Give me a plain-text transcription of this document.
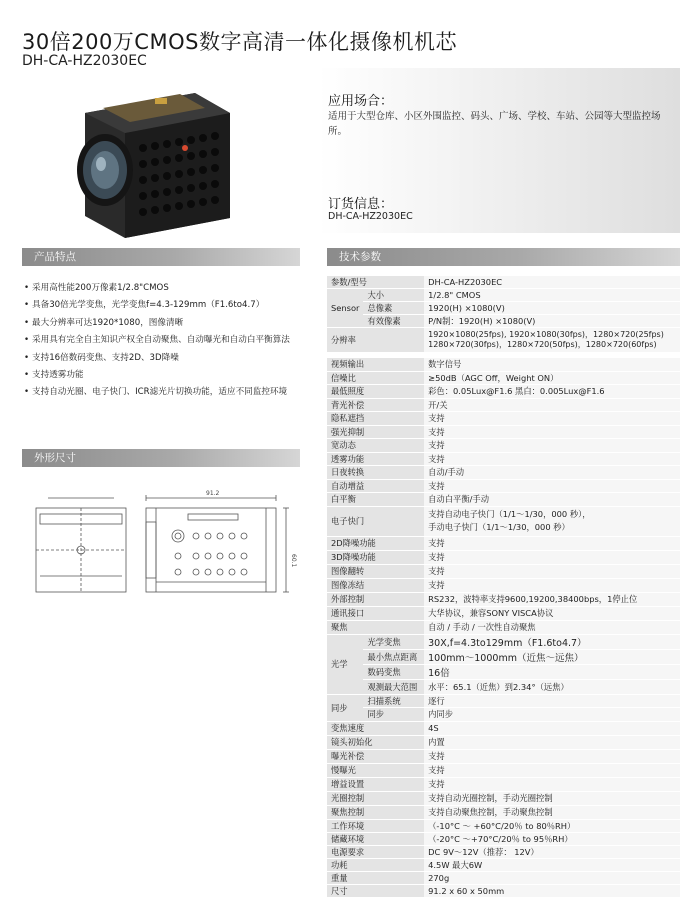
30倍200万CMOS数字高清一体化摄像机机芯
DH-CA-HZ2030EC
应用场合：
适用于大型仓库、小区外围监控、码头、广场、学校、车站、公园等大型监控场所。
订货信息：
DH-CA-HZ2030EC
产品特点	技术参数
外形尺寸
• 采用高性能200万像素1/2.8"CMOS
• 具备30倍光学变焦，光学变焦f=4.3-129mm（F1.6to4.7）
• 最大分辨率可达1920*1080，图像清晰
• 采用具有完全自主知识产权全自动聚焦、自动曝光和自动白平衡算法
• 支持16倍数码变焦、支持2D、3D降噪
• 支持透雾功能
• 支持自动光圈、电子快门、ICR滤光片切换功能，适应不同监控环境
91.2
60.1
参数/型号		DH-CA-HZ2030EC
Sensor	大小	1/2.8" CMOS
	总像素	1920(H) ×1080(V)
	有效像素	P/N制：1920(H) ×1080(V)
分辨率		1920×1080(25fps), 1920×1080(30fps)，1280×720(25fps)
1280×720(30fps)，1280×720(50fps)，1280×720(60fps)

视频输出		数字信号
信噪比		≥50dB（AGC Off，Weight ON）
最低照度		彩色：0.05Lux@F1.6 黑白：0.005Lux@F1.6
背光补偿		开/关
隐私遮挡		支持
强光抑制		支持
宽动态		支持
透雾功能		支持
日夜转换		自动/手动
自动增益		支持
白平衡		自动白平衡/手动
电子快门		支持自动电子快门（1/1～1/30，000 秒），
手动电子快门（1/1～1/30，000 秒）

2D降噪功能		支持
3D降噪功能		支持
图像翻转		支持
图像冻结		支持
外部控制		RS232，波特率支持9600,19200,38400bps，1停止位
通讯接口		大华协议，兼容SONY VISCA协议
聚焦		自动 / 手动 / 一次性自动聚焦
光学	光学变焦	30X,f=4.3to129mm（F1.6to4.7）
	最小焦点距离	100mm～1000mm（近焦～远焦）
	数码变焦	16倍
	观测最大范围	水平：65.1（近焦）到2.34°（远焦）
同步	扫描系统	逐行
	同步	内同步
变焦速度		4S
镜头初始化		内置
曝光补偿		支持
慢曝光		支持
增益设置		支持
光圈控制		支持自动光圈控制，手动光圈控制
聚焦控制		支持自动聚焦控制，手动聚焦控制
工作环境		（-10°C ～ +60°C/20％ to 80％RH）
储藏环境		（-20°C ～+70°C/20％ to 95％RH）
电源要求		DC 9V～12V（推荐： 12V）
功耗		4.5W 最大6W
重量		270g
尺寸		91.2 x 60 x 50mm
